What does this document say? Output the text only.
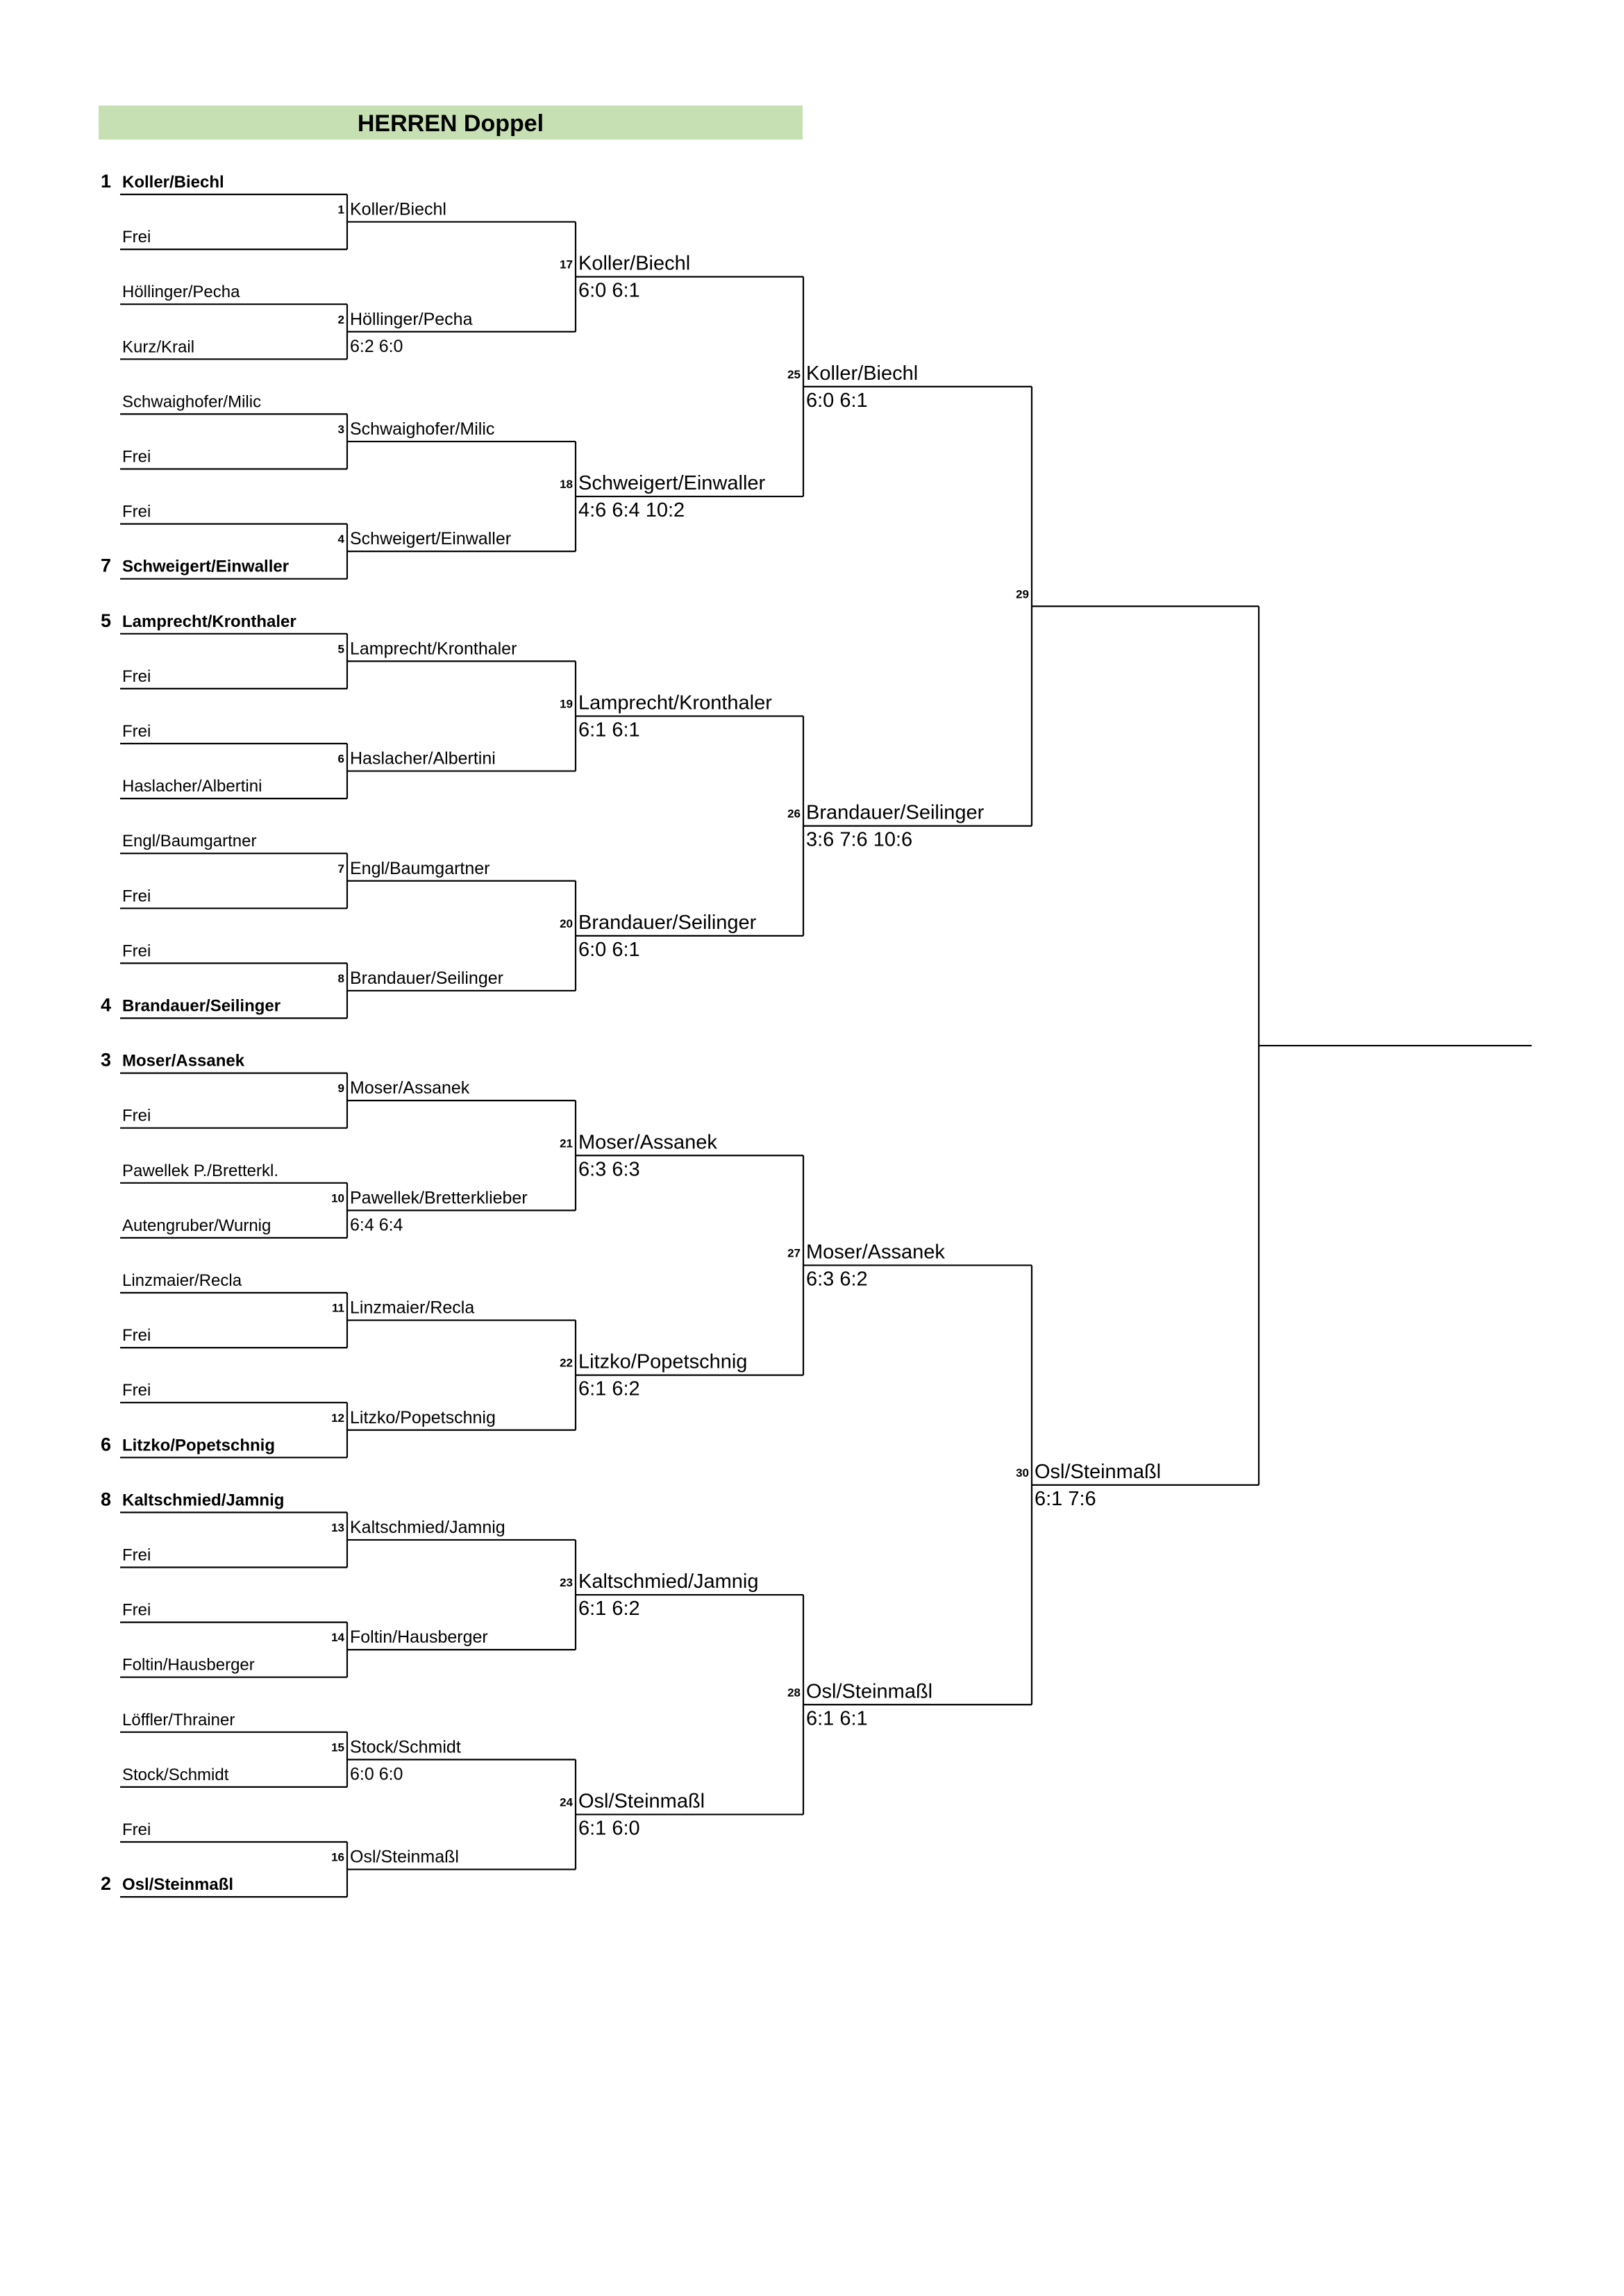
HERREN Doppel
Koller/Biechl
1
Frei
Höllinger/Pecha
Kurz/Krail
Schwaighofer/Milic
Frei
Frei
Schweigert/Einwaller
7
Lamprecht/Kronthaler
5
Frei
Frei
Haslacher/Albertini
Engl/Baumgartner
Frei
Frei
Brandauer/Seilinger
4
Moser/Assanek
3
Frei
Pawellek P./Bretterkl.
Autengruber/Wurnig
Linzmaier/Recla
Frei
Frei
Litzko/Popetschnig
6
Kaltschmied/Jamnig
8
Frei
Frei
Foltin/Hausberger
Löffler/Thrainer
Stock/Schmidt
Frei
Osl/Steinmaßl
2
1 Koller/Biechl
2 Höllinger/Pecha
6:2 6:0
3 Schwaighofer/Milic
4 Schweigert/Einwaller
5 Lamprecht/Kronthaler
6 Haslacher/Albertini
7 Engl/Baumgartner
8 Brandauer/Seilinger
9 Moser/Assanek
10 Pawellek/Bretterklieber
6:4 6:4
11 Linzmaier/Recla
12 Litzko/Popetschnig
13 Kaltschmied/Jamnig
14 Foltin/Hausberger
15 Stock/Schmidt
6:0 6:0
16 Osl/Steinmaßl
17 Koller/Biechl
6:0 6:1
18 Schweigert/Einwaller
4:6 6:4 10:2
19 Lamprecht/Kronthaler
6:1 6:1
20 Brandauer/Seilinger
6:0 6:1
21 Moser/Assanek
6:3 6:3
22 Litzko/Popetschnig
6:1 6:2
23 Kaltschmied/Jamnig
6:1 6:2
24 Osl/Steinmaßl
6:1 6:0
25 Koller/Biechl
6:0 6:1
26 Brandauer/Seilinger
3:6 7:6 10:6
27 Moser/Assanek
6:3 6:2
28 Osl/Steinmaßl
6:1 6:1
29
30 Osl/Steinmaßl
6:1 7:6
